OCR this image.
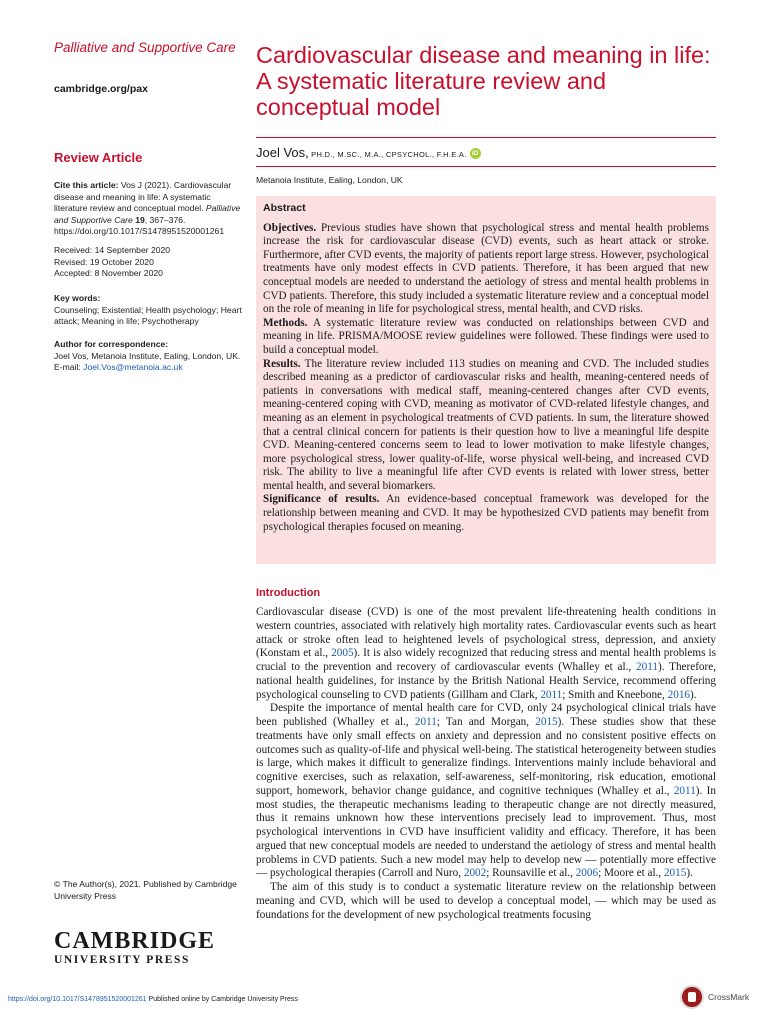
Palliative and Supportive Care

cambridge.org/pax
Review Article

Cite this article: Vos J (2021). Cardiovascular disease and meaning in life: A systematic literature review and conceptual model. Palliative and Supportive Care 19, 367–376. https://doi.org/10.1017/S1478951520001261

Received: 14 September 2020

Revised: 19 October 2020

Accepted: 8 November 2020

Key words:

Counseling; Existential; Health psychology; Heart attack; Meaning in life; Psychotherapy

Author for correspondence:

Joel Vos, Metanoia Institute, Ealing, London, UK. E-mail: Joel.Vos@metanoia.ac.uk

© The Author(s), 2021. Published by Cambridge University Press
CAMBRIDGE
UNIVERSITY PRESS
Cardiovascular disease and meaning in life: A systematic literature review and conceptual model
Joel Vos, PH.D., M.SC., M.A., CPSYCHOL., F.H.E.A. iD
Metanoia Institute, Ealing, London, UK
Abstract

Objectives. Previous studies have shown that psychological stress and mental health problems increase the risk for cardiovascular disease (CVD) events, such as heart attack or stroke. Furthermore, after CVD events, the majority of patients report large stress. However, psychological treatments have only modest effects in CVD patients. Therefore, it has been argued that new conceptual models are needed to understand the aetiology of stress and mental health problems in CVD patients. Therefore, this study included a systematic literature review and a conceptual model on the role of meaning in life for psychological stress, mental health, and CVD risks.

Methods. A systematic literature review was conducted on relationships between CVD and meaning in life. PRISMA/MOOSE review guidelines were followed. These findings were used to build a conceptual model.

Results. The literature review included 113 studies on meaning and CVD. The included studies described meaning as a predictor of cardiovascular risks and health, meaning-centered needs of patients in conversations with medical staff, meaning-centered changes after CVD events, meaning-centered coping with CVD, meaning as motivator of CVD-related lifestyle changes, and meaning as an element in psychological treatments of CVD patients. In sum, the literature showed that a central clinical concern for patients is their question how to live a meaningful life despite CVD. Meaning-centered concerns seem to lead to lower motivation to make lifestyle changes, more psychological stress, lower quality-of-life, worse physical well-being, and increased CVD risk. The ability to live a meaningful life after CVD events is related with lower stress, better mental health, and several biomarkers.

Significance of results. An evidence-based conceptual framework was developed for the relationship between meaning and CVD. It may be hypothesized CVD patients may benefit from psychological therapies focused on meaning.

Introduction

Cardiovascular disease (CVD) is one of the most prevalent life-threatening health conditions in western countries, associated with relatively high mortality rates. Cardiovascular events such as heart attack or stroke often lead to heightened levels of psychological stress, depression, and anxiety (Konstam et al., 2005). It is also widely recognized that reducing stress and mental health problems is crucial to the prevention and recovery of cardiovascular events (Whalley et al., 2011). Therefore, national health guidelines, for instance by the British National Health Service, recommend offering psychological counseling to CVD patients (Gillham and Clark, 2011; Smith and Kneebone, 2016).

Despite the importance of mental health care for CVD, only 24 psychological clinical trials have been published (Whalley et al., 2011; Tan and Morgan, 2015). These studies show that these treatments have only small effects on anxiety and depression and no consistent positive effects on outcomes such as quality-of-life and physical well-being. The statistical heterogeneity between studies is large, which makes it difficult to generalize findings. Interventions mainly include behavioral and cognitive exercises, such as relaxation, self-awareness, self-monitoring, risk education, emotional support, homework, behavior change guidance, and cognitive techniques (Whalley et al., 2011). In most studies, the therapeutic mechanisms leading to therapeutic change are not directly measured, thus it remains unknown how these interventions precisely lead to improvement. Thus, most psychological interventions in CVD have insufficient validity and efficacy. Therefore, it has been argued that new conceptual models are needed to understand the aetiology of stress and mental health problems in CVD patients. Such a new model may help to develop new — potentially more effective — psychological therapies (Carroll and Nuro, 2002; Rounsaville et al., 2006; Moore et al., 2015).

The aim of this study is to conduct a systematic literature review on the relationship between meaning and CVD, which will be used to develop a conceptual model, — which may be used as foundations for the development of new psychological treatments focusing

https://doi.org/10.1017/S1478951520001261 Published online by Cambridge University Press	CrossMark
